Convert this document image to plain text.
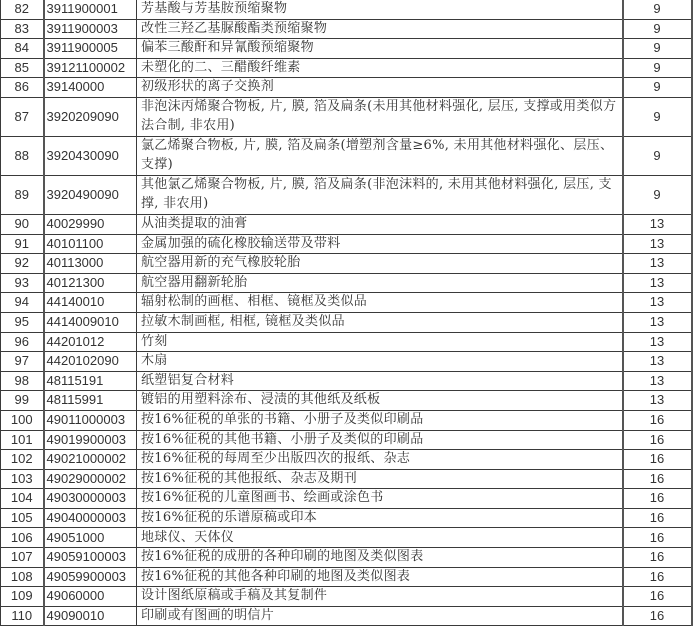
82	3911900001	芳基酸与芳基胺预缩聚物	9
83	3911900003	改性三羟乙基脲酸酯类预缩聚物	9
84	3911900005	偏苯三酸酐和异氰酸预缩聚物	9
85	39121100002	未塑化的二、三醋酸纤维素	9
86	39140000	初级形状的离子交换剂	9
87	3920209090	非泡沫丙烯聚合物板, 片, 膜, 箔及扁条(未用其他材料强化, 层压, 支撑或用类似方法合制, 非农用)	9
88	3920430090	氯乙烯聚合物板, 片, 膜, 箔及扁条(增塑剂含量≥6%, 未用其他材料强化、层压、支撑)	9
89	3920490090	其他氯乙烯聚合物板, 片, 膜, 箔及扁条(非泡沫料的, 未用其他材料强化, 层压, 支撑, 非农用)	9
90	40029990	从油类提取的油膏	13
91	40101100	金属加强的硫化橡胶输送带及带料	13
92	40113000	航空器用新的充气橡胶轮胎	13
93	40121300	航空器用翻新轮胎	13
94	44140010	辐射松制的画框、相框、镜框及类似品	13
95	4414009010	拉敏木制画框, 相框, 镜框及类似品	13
96	44201012	竹刻	13
97	4420102090	木扇	13
98	48115191	纸塑铝复合材料	13
99	48115991	镀铝的用塑料涂布、浸渍的其他纸及纸板	13
100	49011000003	按16%征税的单张的书籍、小册子及类似印刷品	16
101	49019900003	按16%征税的其他书籍、小册子及类似的印刷品	16
102	49021000002	按16%征税的每周至少出版四次的报纸、杂志	16
103	49029000002	按16%征税的其他报纸、杂志及期刊	16
104	49030000003	按16%征税的儿童图画书、绘画或涂色书	16
105	49040000003	按16%征税的乐谱原稿或印本	16
106	49051000	地球仪、天体仪	16
107	49059100003	按16%征税的成册的各种印刷的地图及类似图表	16
108	49059900003	按16%征税的其他各种印刷的地图及类似图表	16
109	49060000	设计图纸原稿或手稿及其复制件	16
110	49090010	印刷或有图画的明信片	16
